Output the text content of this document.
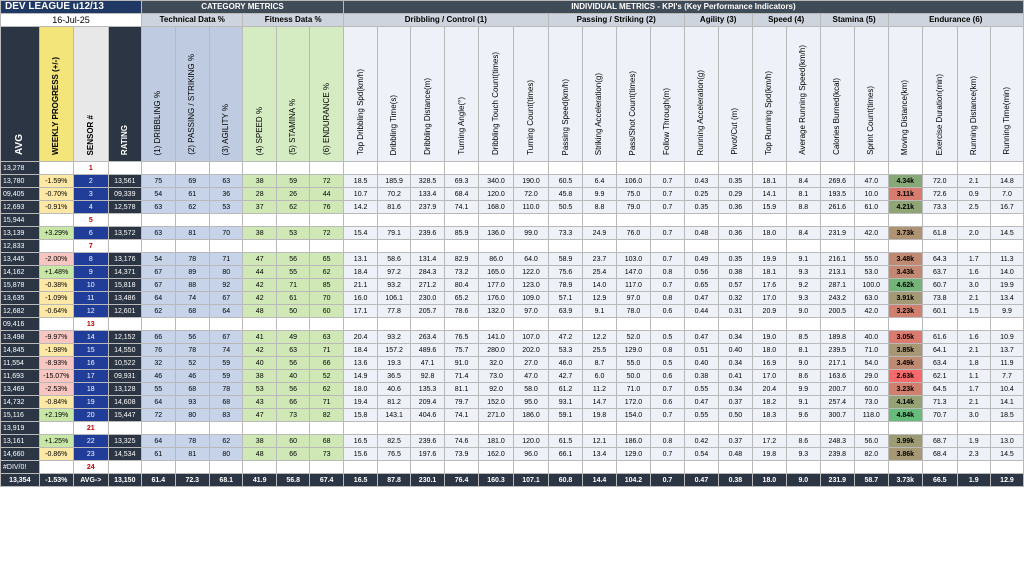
DEV LEAGUE u12/13				CATEGORY METRICS						INDIVIDUAL METRICS - KPI's (Key Performance Indicators)																			
16-Jul-25				Technical Data %			Fitness Data %			Dribbling / Control (1)						Passing / Striking (2)				Agility (3)		Speed (4)		Stamina (5)		Endurance (6)			
AVG	WEEKLY PROGRESS (+/-)	SENSOR #	RATING	(1) DRIBBLING %	(2) PASSING / STRIKING %	(3) AGILITY %	(4) SPEED %	(5) STAMINA %	(6) ENDURANCE %	Top Dribbling Spd(km/h)	Dribbling Time(s)	Dribbling Distance(m)	Turning Angle(°)	Dribbling Touch Count(times)	Turning Count(times)	Passing Speed(km/h)	Striking Acceleration(g)	Pass/Shot Count(times)	Follow Through(m)	Running Acceleration(g)	Pivot/Cut (m)	Top Running Spd(km/h)	Average Running Speed(km/h)	Calories Burned(kcal)	Sprint Count(times)	Moving Distance(km)	Exercise Duration(min)	Running Distance(km)	Running Time(min)
13,278		1																											
13,780	-1.59%	2	13,561	75	69	63	38	59	72	18.5	185.9	328.5	69.3	340.0	190.0	60.5	6.4	106.0	0.7	0.43	0.35	18.1	8.4	269.6	47.0	4.34k	72.0	2.1	14.8
09,405	-0.70%	3	09,339	54	61	36	28	26	44	10.7	70.2	133.4	68.4	120.0	72.0	45.8	9.9	75.0	0.7	0.25	0.29	14.1	8.1	193.5	10.0	3.11k	72.6	0.9	7.0
12,693	-0.91%	4	12,578	63	62	53	37	62	76	14.2	81.6	237.9	74.1	168.0	110.0	50.5	8.8	79.0	0.7	0.35	0.36	15.9	8.8	261.6	61.0	4.21k	73.3	2.5	16.7
15,944		5																											
13,139	+3.29%	6	13,572	63	81	70	38	53	72	15.4	79.1	239.6	85.9	136.0	99.0	73.3	24.9	76.0	0.7	0.48	0.36	18.0	8.4	231.9	42.0	3.73k	61.8	2.0	14.5
12,833		7																											
13,445	-2.00%	8	13,176	54	78	71	47	56	65	13.1	58.6	131.4	82.9	86.0	64.0	58.9	23.7	103.0	0.7	0.49	0.35	19.9	9.1	216.1	55.0	3.48k	64.3	1.7	11.3
14,162	+1.48%	9	14,371	67	89	80	44	55	62	18.4	97.2	284.3	73.2	165.0	122.0	75.6	25.4	147.0	0.8	0.56	0.38	18.1	9.3	213.1	53.0	3.43k	63.7	1.6	14.0
15,878	-0.38%	10	15,818	67	88	92	42	71	85	21.1	93.2	271.2	80.4	177.0	123.0	78.9	14.0	117.0	0.7	0.65	0.57	17.6	9.2	287.1	100.0	4.62k	60.7	3.0	19.9
13,635	-1.09%	11	13,486	64	74	67	42	61	70	16.0	106.1	230.0	65.2	176.0	109.0	57.1	12.9	97.0	0.8	0.47	0.32	17.0	9.3	243.2	63.0	3.91k	73.8	2.1	13.4
12,682	-0.64%	12	12,601	62	68	64	48	50	60	17.1	77.8	205.7	78.6	132.0	97.0	63.9	9.1	78.0	0.6	0.44	0.31	20.9	9.0	200.5	42.0	3.23k	60.1	1.5	9.9
09,416		13																											
13,498	-9.97%	14	12,152	66	56	67	41	49	63	20.4	93.2	263.4	76.5	141.0	107.0	47.2	12.2	52.0	0.5	0.47	0.34	19.0	8.5	189.8	40.0	3.05k	61.6	1.6	10.9
14,845	-1.98%	15	14,550	76	78	74	42	63	71	18.4	157.2	489.6	75.7	280.0	202.0	53.3	25.5	129.0	0.8	0.51	0.40	18.0	8.1	239.5	71.0	3.85k	64.1	2.1	13.7
11,554	-8.93%	16	10,522	32	52	59	40	56	66	13.6	19.3	47.1	91.0	32.0	27.0	46.0	8.7	55.0	0.5	0.40	0.34	16.9	9.0	217.1	54.0	3.49k	63.4	1.8	11.9
11,693	-15.07%	17	09,931	46	46	59	38	40	52	14.9	36.5	92.8	71.4	73.0	47.0	42.7	6.0	50.0	0.6	0.38	0.41	17.0	8.6	163.6	29.0	2.63k	62.1	1.1	7.7
13,469	-2.53%	18	13,128	55	68	78	53	56	62	18.0	40.6	135.3	81.1	92.0	58.0	61.2	11.2	71.0	0.7	0.55	0.34	20.4	9.9	200.7	60.0	3.23k	64.5	1.7	10.4
14,732	-0.84%	19	14,608	64	93	68	43	66	71	19.4	81.2	209.4	79.7	152.0	95.0	93.1	14.7	172.0	0.6	0.47	0.37	18.2	9.1	257.4	73.0	4.14k	71.3	2.1	14.1
15,116	+2.19%	20	15,447	72	80	83	47	73	82	15.8	143.1	404.6	74.1	271.0	186.0	59.1	19.8	154.0	0.7	0.55	0.50	18.3	9.6	300.7	118.0	4.84k	70.7	3.0	18.5
13,919		21																											
13,161	+1.25%	22	13,325	64	78	62	38	60	68	16.5	82.5	239.6	74.6	181.0	120.0	61.5	12.1	186.0	0.8	0.42	0.37	17.2	8.6	248.3	56.0	3.99k	68.7	1.9	13.0
14,660	-0.86%	23	14,534	61	81	80	48	66	73	15.6	76.5	197.6	73.9	162.0	96.0	66.1	13.4	129.0	0.7	0.54	0.48	19.8	9.3	239.8	82.0	3.86k	68.4	2.3	14.5
#DIV/0!		24																											
13,354	-1.53%	AVG->	13,150	61.4	72.3	68.1	41.9	56.8	67.4	16.5	87.8	230.1	76.4	160.3	107.1	60.8	14.4	104.2	0.7	0.47	0.38	18.0	9.0	231.9	58.7	3.73k	66.5	1.9	12.9
